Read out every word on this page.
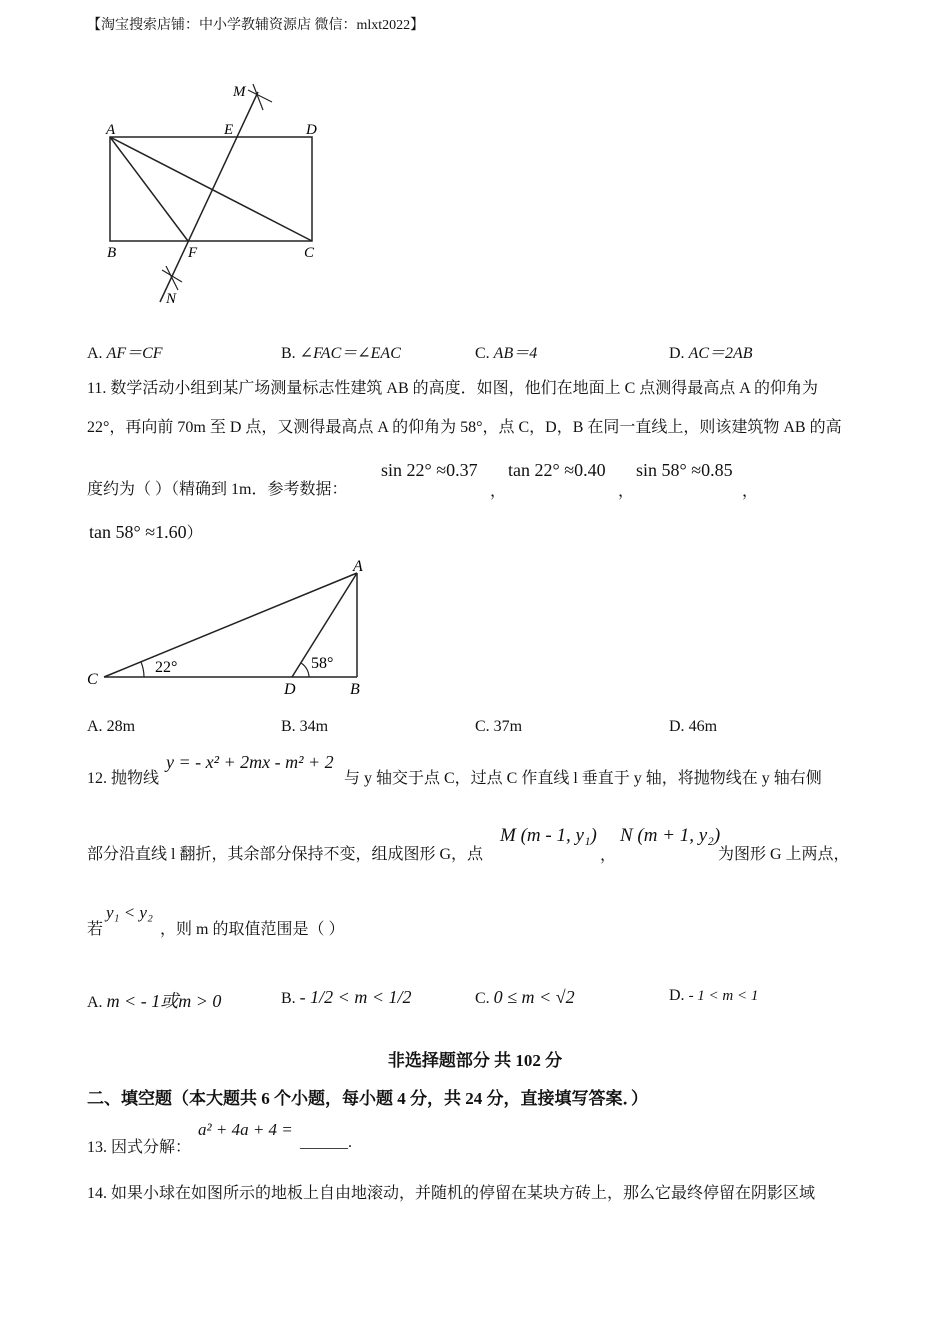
【淘宝搜索店铺：中小学教辅资源店 微信：mlxt2022】
M
A	E	D
B	F	C
N
A. AF＝CF	B. ∠FAC＝∠EAC	C. AB＝4	D. AC＝2AB
11. 数学活动小组到某广场测量标志性建筑 AB 的高度．如图，他们在地面上 C 点测得最高点 A 的仰角为
22°，再向前 70m 至 D 点，又测得最高点 A 的仰角为 58°，点 C，D，B 在同一直线上，则该建筑物 AB 的高
度约为（ ）（精确到 1m．参考数据：
sin 22° ≈0.37
，
tan 22° ≈0.40
，
sin 58° ≈0.85
，
tan 58° ≈1.60）
A
C
D	B
22°	58°
A. 28m	B. 34m	C. 37m	D. 46m
12. 抛物线
y = - x² + 2mx - m² + 2
与 y 轴交于点 C，过点 C 作直线 l 垂直于 y 轴，将抛物线在 y 轴右侧
部分沿直线 l 翻折，其余部分保持不变，组成图形 G，点
M (m - 1, y₁)
，
N (m + 1, y₂)
为图形 G 上两点，
若
y₁ < y₂
，则 m 的取值范围是（ ）
A. m < - 1或m > 0	B. - 1/2 < m < 1/2	C. 0 ≤ m < √2	D. - 1 < m < 1
非选择题部分 共 102 分
二、填空题（本大题共 6 个小题，每小题 4 分，共 24 分，直接填写答案．）
13. 因式分解：
a² + 4a + 4 =
______.
14. 如果小球在如图所示的地板上自由地滚动，并随机的停留在某块方砖上，那么它最终停留在阴影区域
